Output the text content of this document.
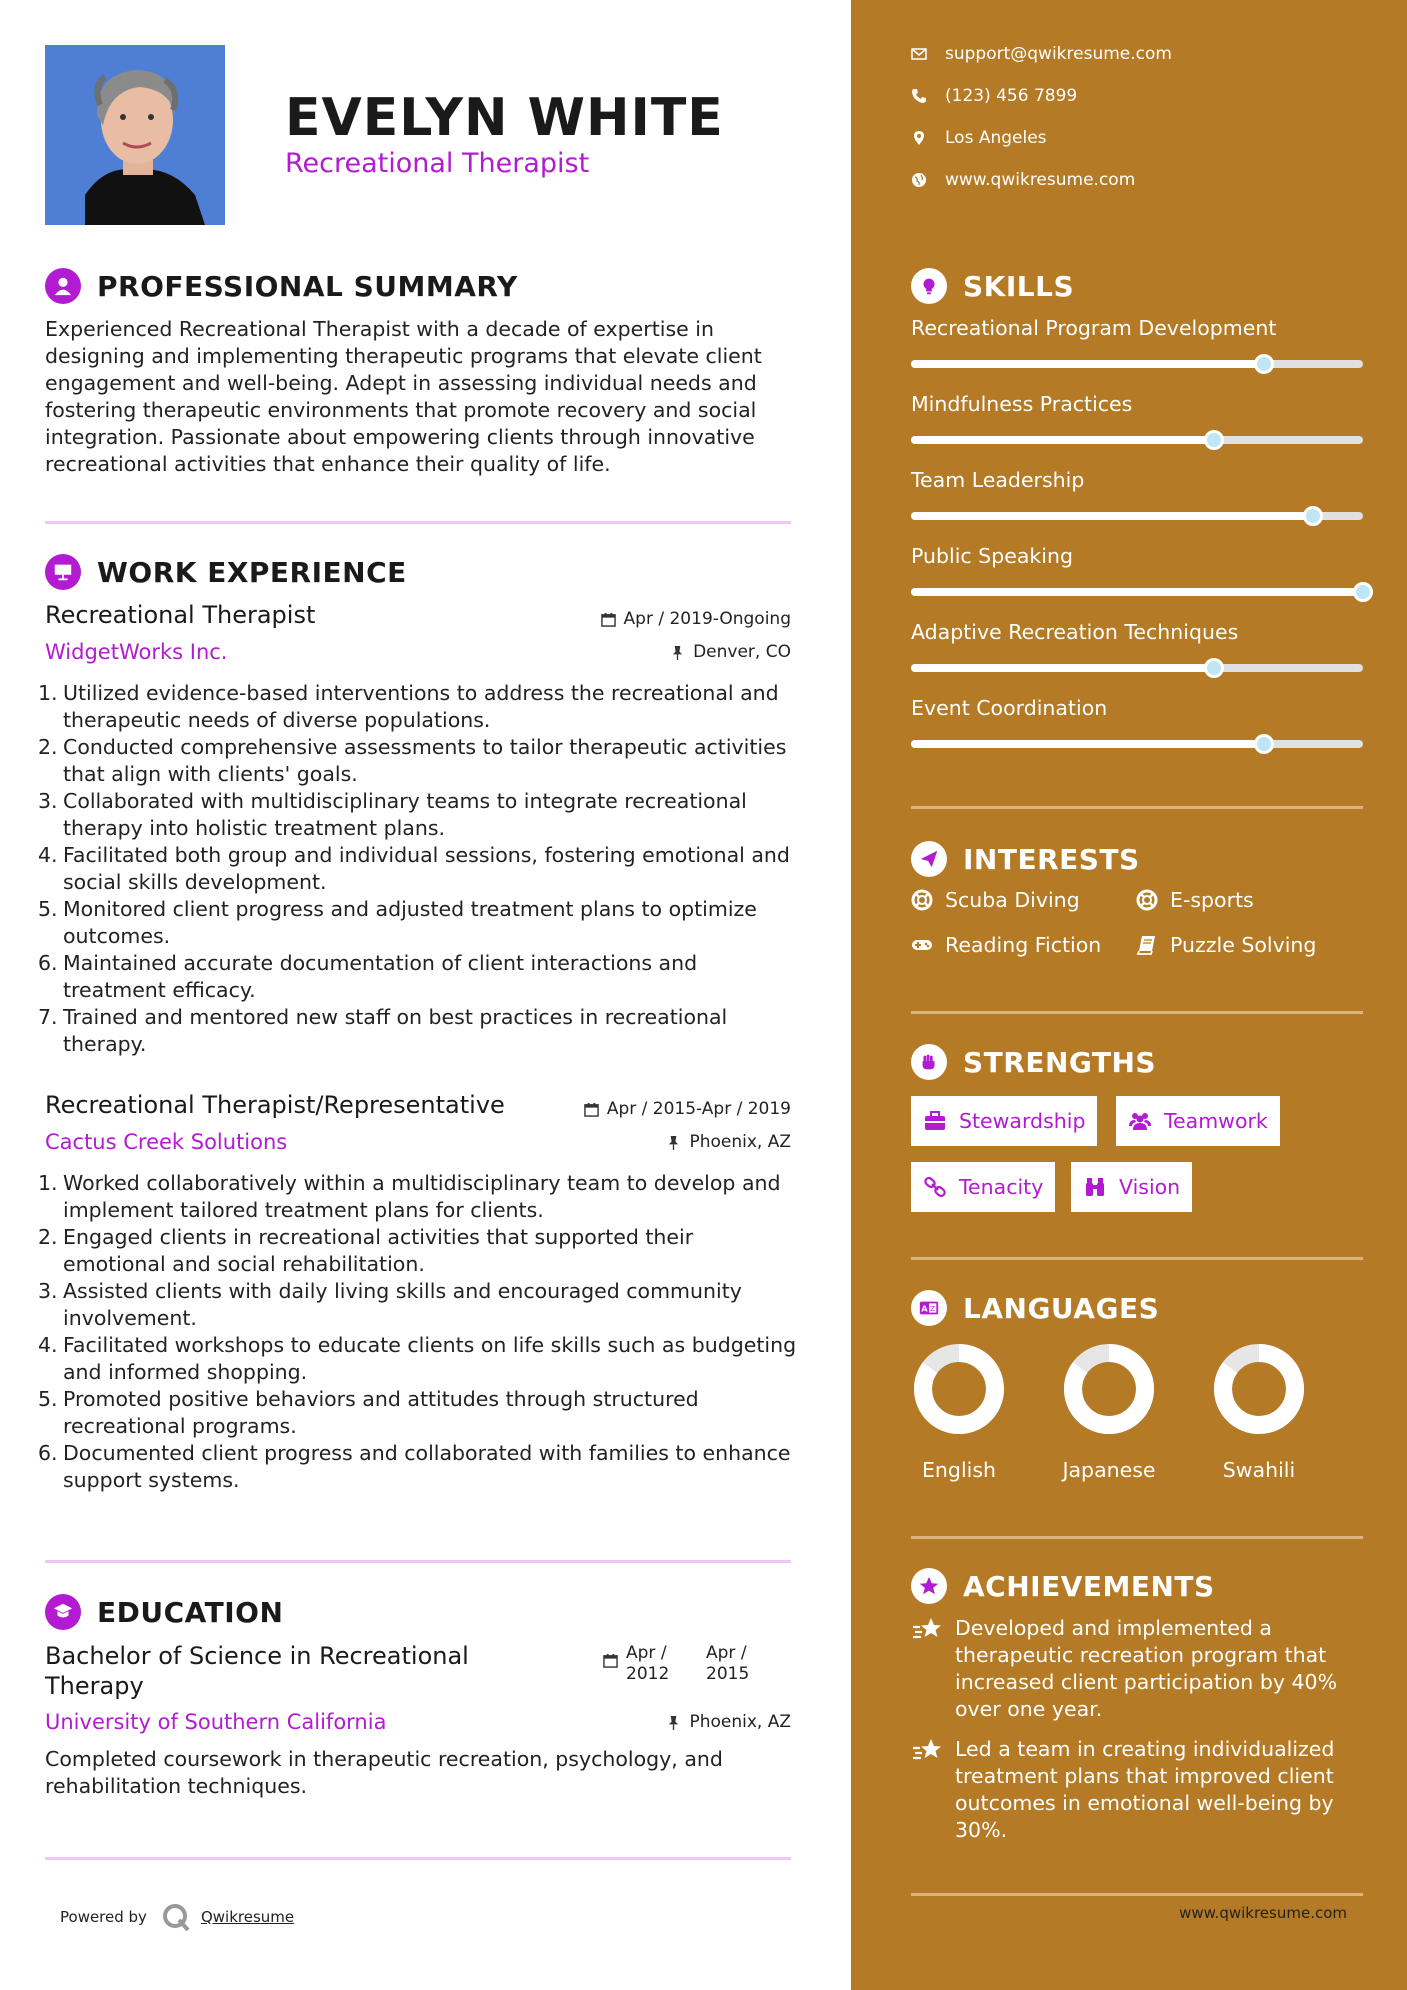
EVELYN WHITE
Recreational Therapist
PROFESSIONAL SUMMARY
Experienced Recreational Therapist with a decade of expertise in designing and implementing therapeutic programs that elevate client engagement and well-being. Adept in assessing individual needs and fostering therapeutic environments that promote recovery and social integration. Passionate about empowering clients through innovative recreational activities that enhance their quality of life.
WORK EXPERIENCE
Recreational Therapist	Apr / 2019-Ongoing
WidgetWorks Inc.	Denver, CO
1. Utilized evidence-based interventions to address the recreational and therapeutic needs of diverse populations.
2. Conducted comprehensive assessments to tailor therapeutic activities that align with clients' goals.
3. Collaborated with multidisciplinary teams to integrate recreational therapy into holistic treatment plans.
4. Facilitated both group and individual sessions, fostering emotional and social skills development.
5. Monitored client progress and adjusted treatment plans to optimize outcomes.
6. Maintained accurate documentation of client interactions and treatment efficacy.
7. Trained and mentored new staff on best practices in recreational therapy.
Recreational Therapist/Representative	Apr / 2015-Apr / 2019
Cactus Creek Solutions	Phoenix, AZ
1. Worked collaboratively within a multidisciplinary team to develop and implement tailored treatment plans for clients.
2. Engaged clients in recreational activities that supported their emotional and social rehabilitation.
3. Assisted clients with daily living skills and encouraged community involvement.
4. Facilitated workshops to educate clients on life skills such as budgeting and informed shopping.
5. Promoted positive behaviors and attitudes through structured recreational programs.
6. Documented client progress and collaborated with families to enhance support systems.
EDUCATION
Bachelor of Science in Recreational
Therapy
Apr /
2012
Apr /
2015
University of Southern California	Phoenix, AZ
Completed coursework in therapeutic recreation, psychology, and rehabilitation techniques.
Powered by	Qwikresume
support@qwikresume.com
(123) 456 7899
Los Angeles
www.qwikresume.com
SKILLS
Recreational Program Development
Mindfulness Practices
Team Leadership
Public Speaking
Adaptive Recreation Techniques
Event Coordination
INTERESTS
Scuba Diving	E-sports
Reading Fiction	Puzzle Solving
STRENGTHS
Stewardship	Teamwork
Tenacity	Vision
A Z LANGUAGES
English	Japanese	Swahili
ACHIEVEMENTS
Developed and implemented a therapeutic recreation program that increased client participation by 40% over one year.
Led a team in creating individualized treatment plans that improved client outcomes in emotional well-being by 30%.
www.qwikresume.com
